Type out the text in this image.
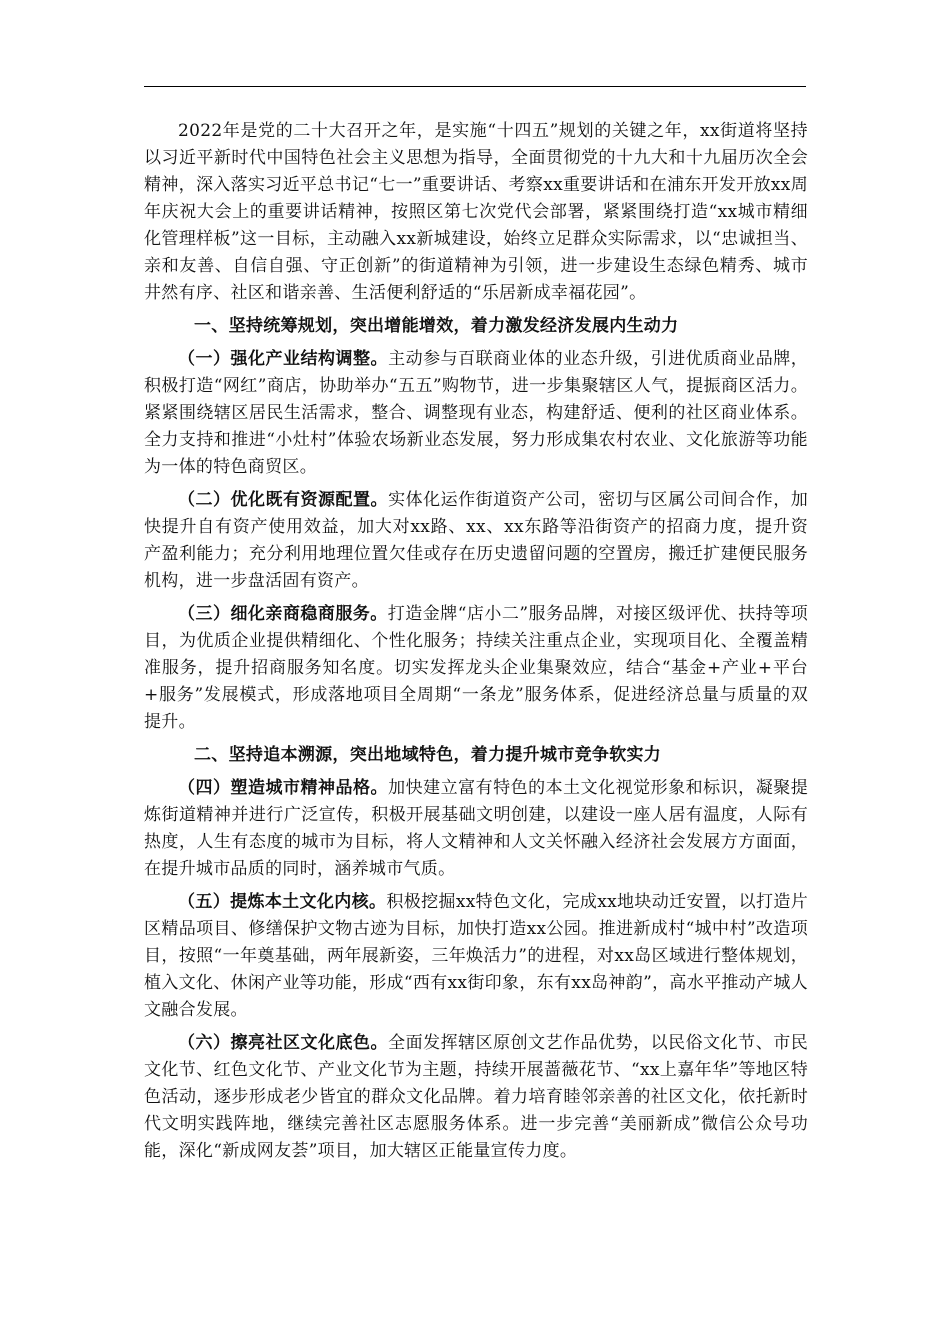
2022年是党的二十大召开之年，是实施“十四五”规划的关键之年，xx街道将坚持以习近平新时代中国特色社会主义思想为指导，全面贯彻党的十九大和十九届历次全会精神，深入落实习近平总书记“七一”重要讲话、考察xx重要讲话和在浦东开发开放xx周年庆祝大会上的重要讲话精神，按照区第七次党代会部署，紧紧围绕打造“xx城市精细化管理样板”这一目标，主动融入xx新城建设，始终立足群众实际需求，以“忠诚担当、亲和友善、自信自强、守正创新”的街道精神为引领，进一步建设生态绿色精秀、城市井然有序、社区和谐亲善、生活便利舒适的“乐居新成幸福花园”。

一、坚持统筹规划，突出增能增效，着力激发经济发展内生动力

（一）强化产业结构调整。主动参与百联商业体的业态升级，引进优质商业品牌，积极打造“网红”商店，协助举办“五五”购物节，进一步集聚辖区人气，提振商区活力。紧紧围绕辖区居民生活需求，整合、调整现有业态，构建舒适、便利的社区商业体系。全力支持和推进“小灶村”体验农场新业态发展，努力形成集农村农业、文化旅游等功能为一体的特色商贸区。

（二）优化既有资源配置。实体化运作街道资产公司，密切与区属公司间合作，加快提升自有资产使用效益，加大对xx路、xx、xx东路等沿街资产的招商力度，提升资产盈利能力；充分利用地理位置欠佳或存在历史遗留问题的空置房，搬迁扩建便民服务机构，进一步盘活固有资产。

（三）细化亲商稳商服务。打造金牌“店小二”服务品牌，对接区级评优、扶持等项目，为优质企业提供精细化、个性化服务；持续关注重点企业，实现项目化、全覆盖精准服务，提升招商服务知名度。切实发挥龙头企业集聚效应，结合“基金+产业+平台+服务”发展模式，形成落地项目全周期“一条龙”服务体系，促进经济总量与质量的双提升。

二、坚持追本溯源，突出地域特色，着力提升城市竞争软实力

（四）塑造城市精神品格。加快建立富有特色的本土文化视觉形象和标识，凝聚提炼街道精神并进行广泛宣传，积极开展基础文明创建，以建设一座人居有温度，人际有热度，人生有态度的城市为目标，将人文精神和人文关怀融入经济社会发展方方面面，在提升城市品质的同时，涵养城市气质。

（五）提炼本土文化内核。积极挖掘xx特色文化，完成xx地块动迁安置，以打造片区精品项目、修缮保护文物古迹为目标，加快打造xx公园。推进新成村“城中村”改造项目，按照“一年奠基础，两年展新姿，三年焕活力”的进程，对xx岛区域进行整体规划，植入文化、休闲产业等功能，形成“西有xx街印象，东有xx岛神韵”，高水平推动产城人文融合发展。

（六）擦亮社区文化底色。全面发挥辖区原创文艺作品优势，以民俗文化节、市民文化节、红色文化节、产业文化节为主题，持续开展蔷薇花节、“xx上嘉年华”等地区特色活动，逐步形成老少皆宜的群众文化品牌。着力培育睦邻亲善的社区文化，依托新时代文明实践阵地，继续完善社区志愿服务体系。进一步完善“美丽新成”微信公众号功能，深化“新成网友荟”项目，加大辖区正能量宣传力度。
